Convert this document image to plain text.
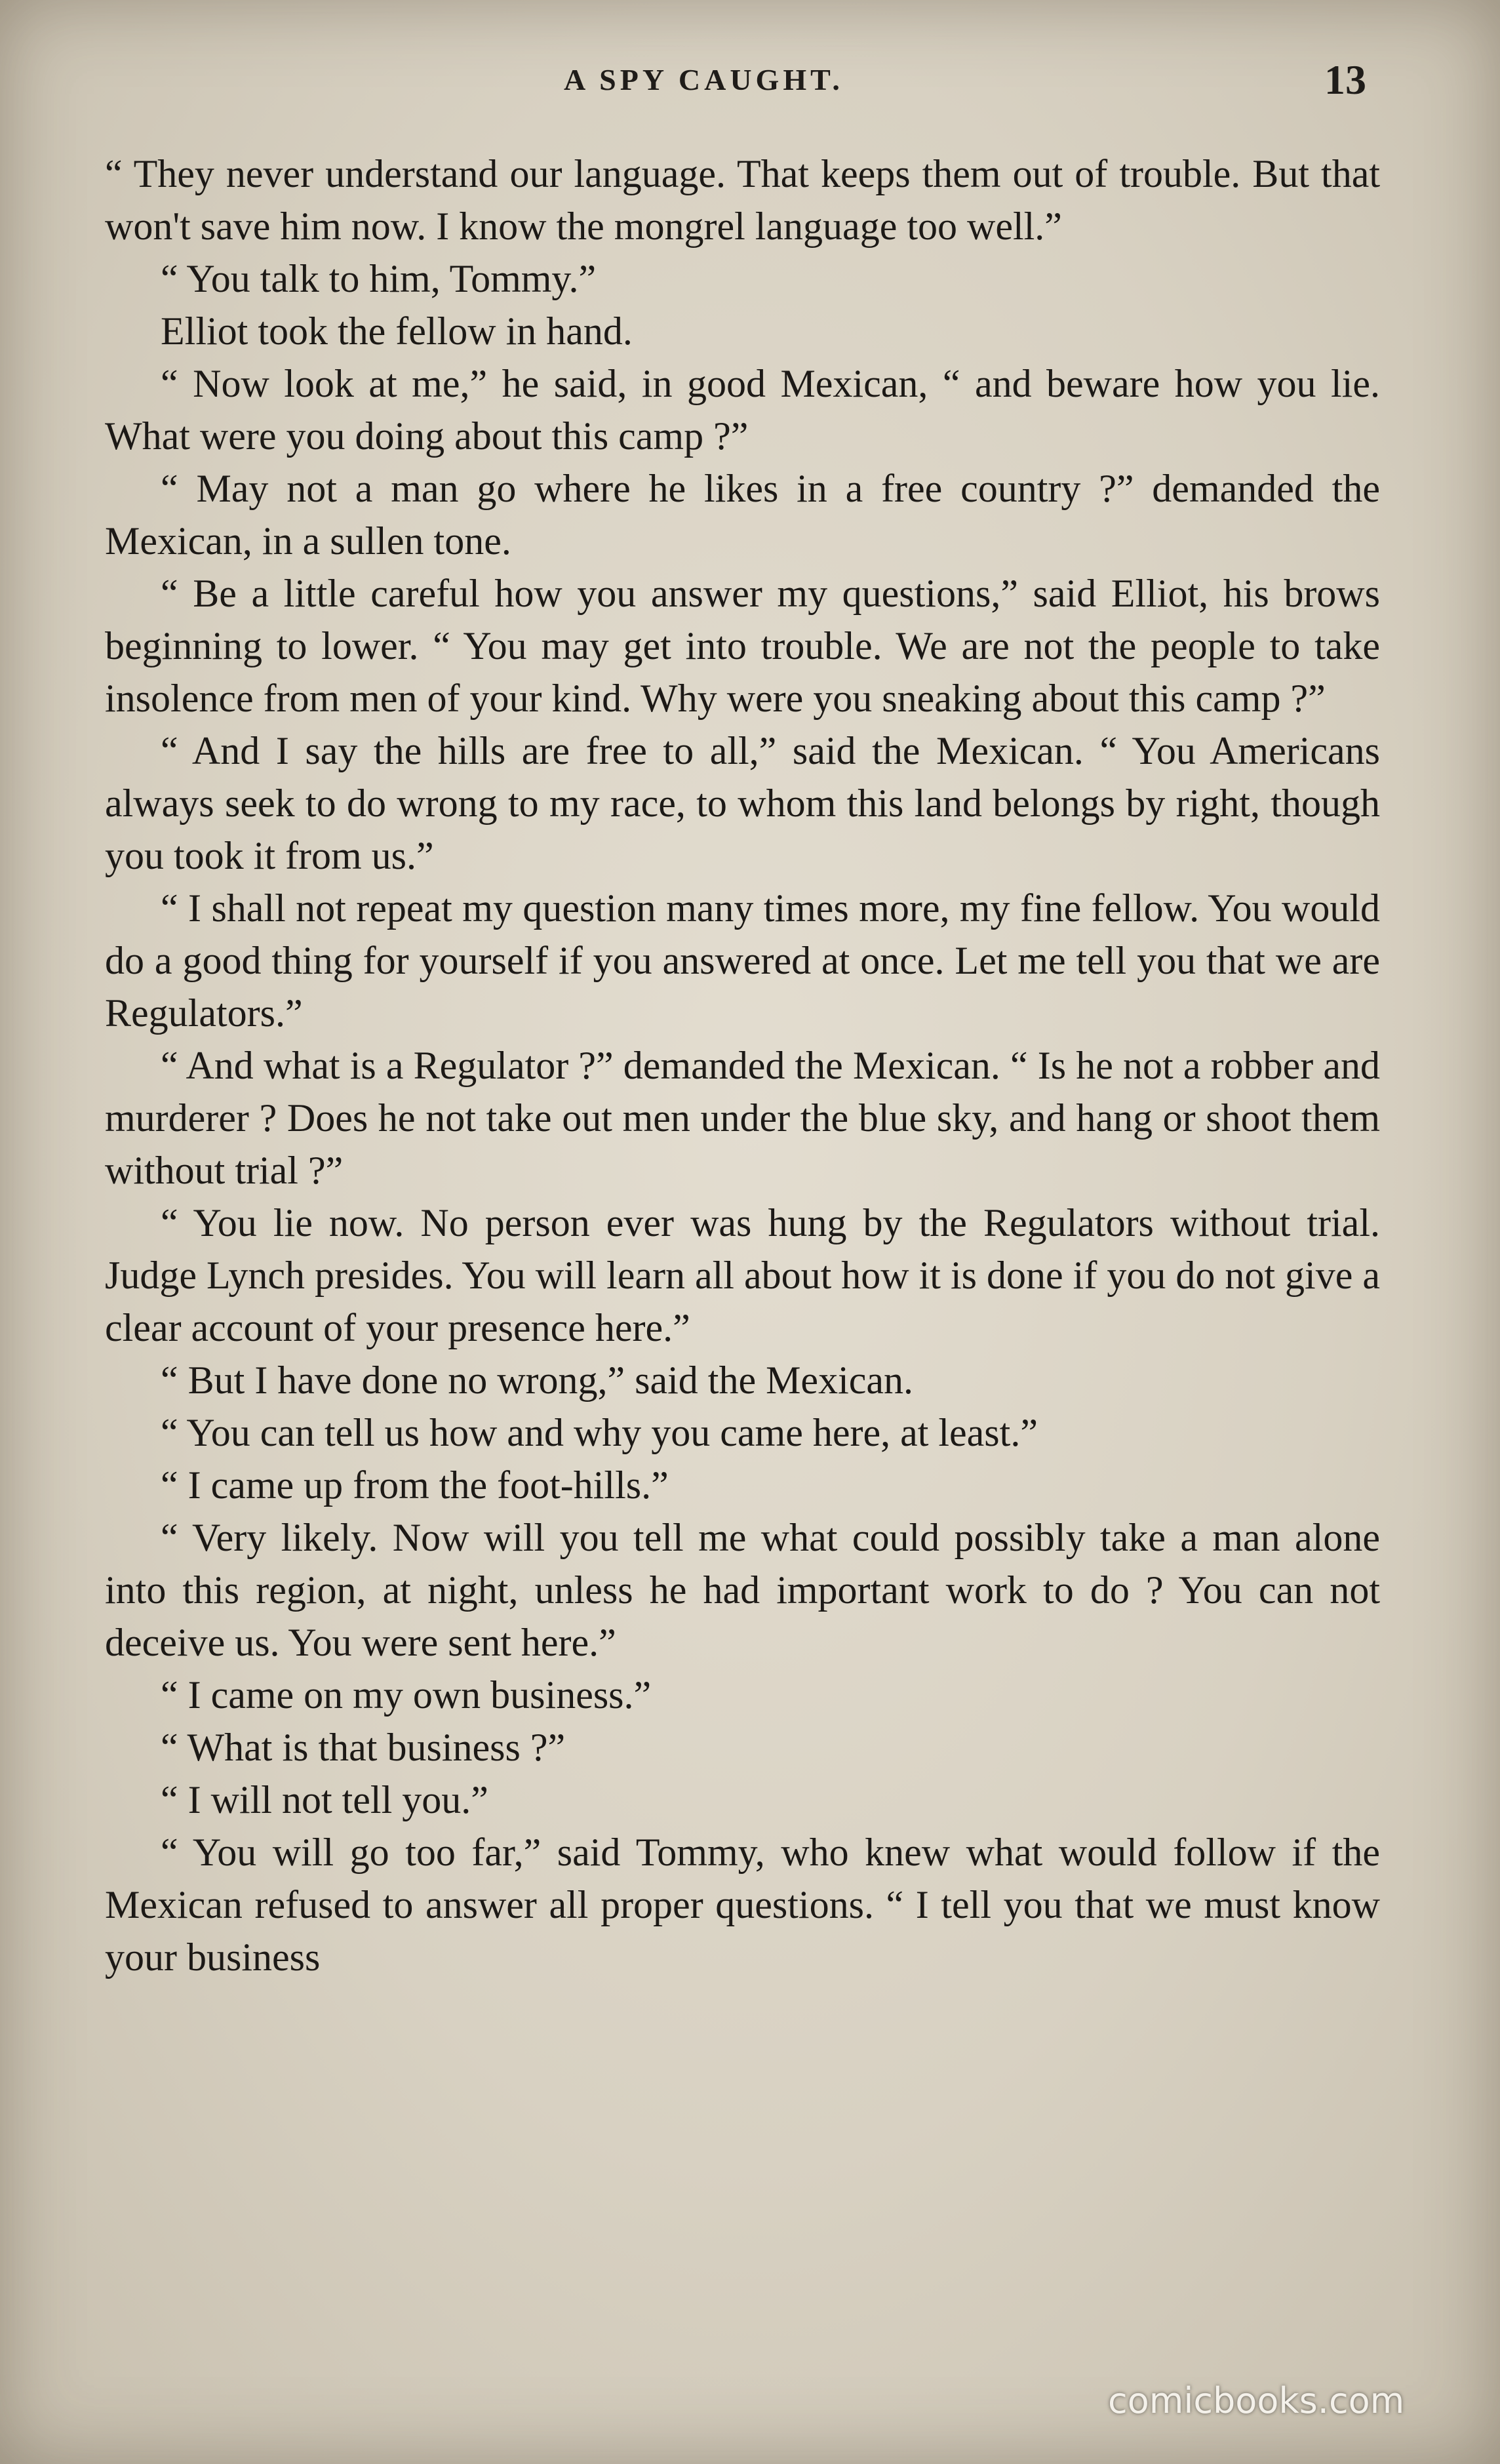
A SPY CAUGHT.	13

“ They never understand our language. That keeps them out of trouble. But that won't save him now. I know the mongrel language too well.”

“ You talk to him, Tommy.”

Elliot took the fellow in hand.

“ Now look at me,” he said, in good Mexican, “ and beware how you lie. What were you doing about this camp ?”

“ May not a man go where he likes in a free country ?” demanded the Mexican, in a sullen tone.

“ Be a little careful how you answer my questions,” said Elliot, his brows beginning to lower. “ You may get into trouble. We are not the people to take insolence from men of your kind. Why were you sneaking about this camp ?”

“ And I say the hills are free to all,” said the Mexican. “ You Americans always seek to do wrong to my race, to whom this land belongs by right, though you took it from us.”

“ I shall not repeat my question many times more, my fine fellow. You would do a good thing for yourself if you answered at once. Let me tell you that we are Regulators.”

“ And what is a Regulator ?” demanded the Mexican. “ Is he not a robber and murderer ? Does he not take out men under the blue sky, and hang or shoot them without trial ?”

“ You lie now. No person ever was hung by the Regulators without trial. Judge Lynch presides. You will learn all about how it is done if you do not give a clear account of your presence here.”

“ But I have done no wrong,” said the Mexican.

“ You can tell us how and why you came here, at least.”

“ I came up from the foot-hills.”

“ Very likely. Now will you tell me what could possibly take a man alone into this region, at night, unless he had important work to do ? You can not deceive us. You were sent here.”

“ I came on my own business.”

“ What is that business ?”

“ I will not tell you.”

“ You will go too far,” said Tommy, who knew what would follow if the Mexican refused to answer all proper questions. “ I tell you that we must know your business

comicbooks.com
